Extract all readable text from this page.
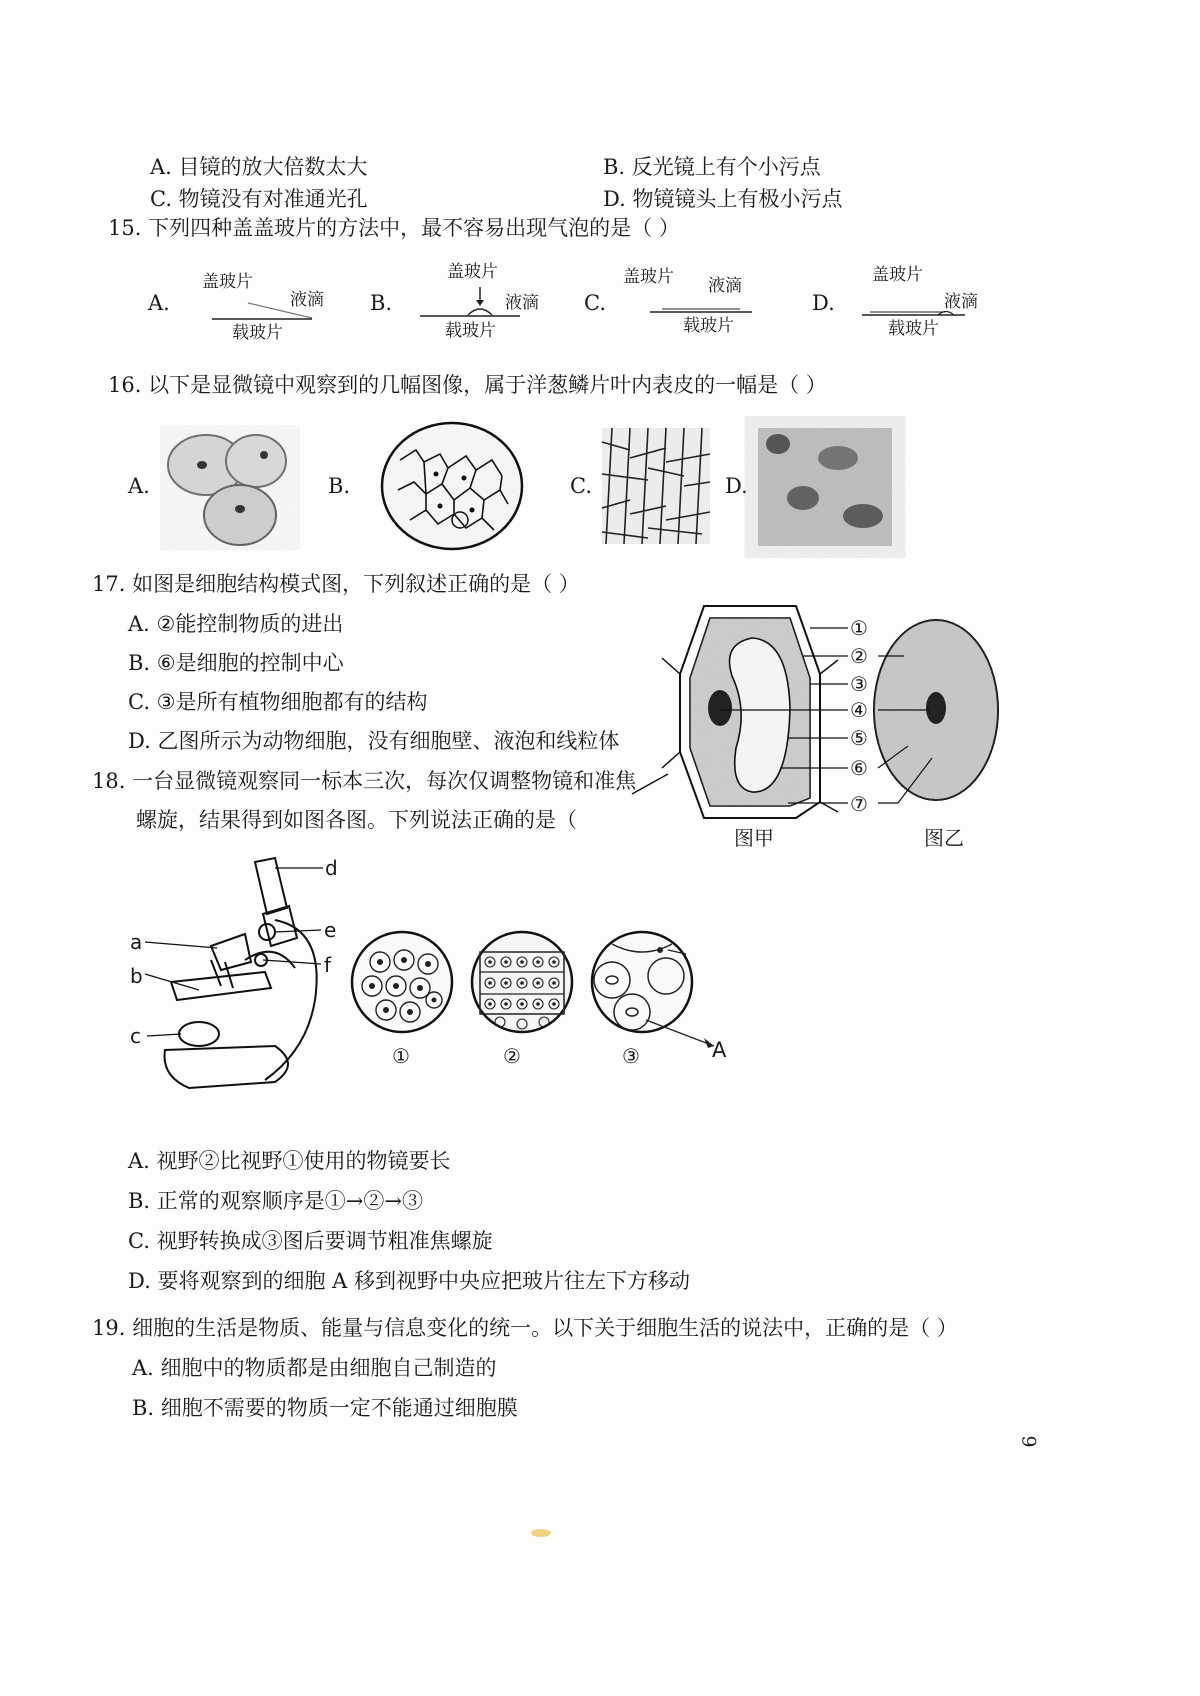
A. 目镜的放大倍数太大	B. 反光镜上有个小污点
C. 物镜没有对准通光孔	D. 物镜镜头上有极小污点
15. 下列四种盖盖玻片的方法中，最不容易出现气泡的是（ ）
A.
盖玻片
液滴
载玻片
B.
盖玻片
液滴
载玻片
C.
盖玻片 液滴
载玻片
D.
盖玻片
液滴
载玻片
16. 以下是显微镜中观察到的几幅图像，属于洋葱鳞片叶内表皮的一幅是（ ）
A.	B.	C.	D.
17. 如图是细胞结构模式图，下列叙述正确的是（ ）
A. ②能控制物质的进出
B. ⑥是细胞的控制中心
C. ③是所有植物细胞都有的结构
D. 乙图所示为动物细胞，没有细胞壁、液泡和线粒体
①
②
③
④
⑤
⑥
⑦
图甲	图乙
18. 一台显微镜观察同一标本三次，每次仅调整物镜和准焦
螺旋，结果得到如图各图。下列说法正确的是（
d
a	e
b	f
c
①	②	③	A
A. 视野②比视野①使用的物镜要长
B. 正常的观察顺序是①→②→③
C. 视野转换成③图后要调节粗准焦螺旋
D. 要将观察到的细胞 A 移到视野中央应把玻片往左下方移动
19. 细胞的生活是物质、能量与信息变化的统一。以下关于细胞生活的说法中，正确的是（ ）
A. 细胞中的物质都是由细胞自己制造的
B. 细胞不需要的物质一定不能通过细胞膜
9
